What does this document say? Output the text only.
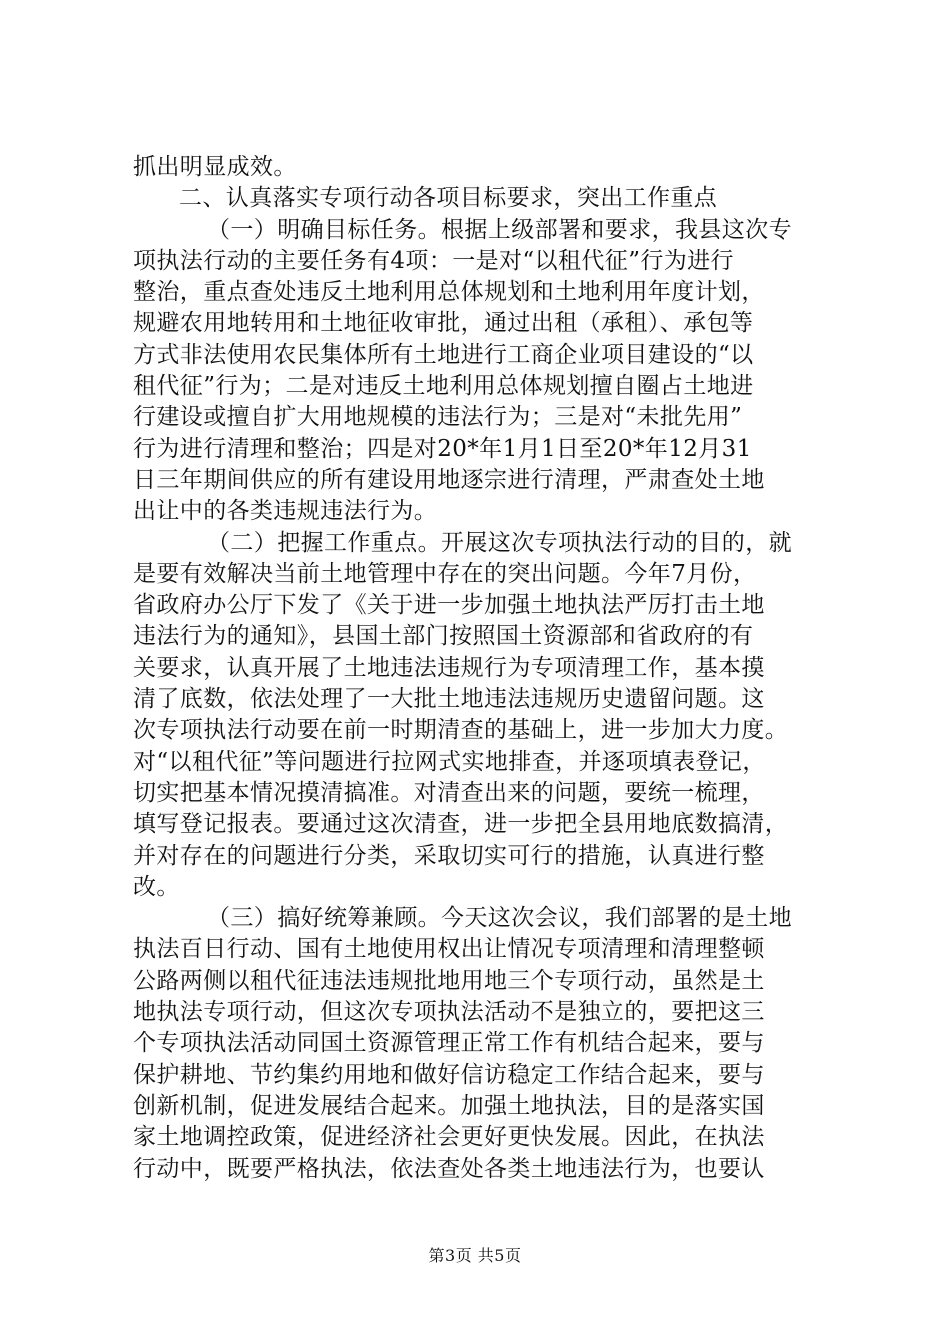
抓出明显成效。
二、认真落实专项行动各项目标要求，突出工作重点
（一）明确目标任务。根据上级部署和要求，我县这次专
项执法行动的主要任务有4项：一是对“以租代征”行为进行
整治，重点查处违反土地利用总体规划和土地利用年度计划，
规避农用地转用和土地征收审批，通过出租（承租）、承包等
方式非法使用农民集体所有土地进行工商企业项目建设的“以
租代征”行为；二是对违反土地利用总体规划擅自圈占土地进
行建设或擅自扩大用地规模的违法行为；三是对“未批先用”
行为进行清理和整治；四是对20*年1月1日至20*年12月31
日三年期间供应的所有建设用地逐宗进行清理，严肃查处土地
出让中的各类违规违法行为。
（二）把握工作重点。开展这次专项执法行动的目的，就
是要有效解决当前土地管理中存在的突出问题。今年7月份，
省政府办公厅下发了《关于进一步加强土地执法严厉打击土地
违法行为的通知》，县国土部门按照国土资源部和省政府的有
关要求，认真开展了土地违法违规行为专项清理工作，基本摸
清了底数，依法处理了一大批土地违法违规历史遗留问题。这
次专项执法行动要在前一时期清查的基础上，进一步加大力度。
对“以租代征”等问题进行拉网式实地排查，并逐项填表登记，
切实把基本情况摸清搞准。对清查出来的问题，要统一梳理，
填写登记报表。要通过这次清查，进一步把全县用地底数搞清，
并对存在的问题进行分类，采取切实可行的措施，认真进行整
改。
（三）搞好统筹兼顾。今天这次会议，我们部署的是土地
执法百日行动、国有土地使用权出让情况专项清理和清理整顿
公路两侧以租代征违法违规批地用地三个专项行动，虽然是土
地执法专项行动，但这次专项执法活动不是独立的，要把这三
个专项执法活动同国土资源管理正常工作有机结合起来，要与
保护耕地、节约集约用地和做好信访稳定工作结合起来，要与
创新机制，促进发展结合起来。加强土地执法，目的是落实国
家土地调控政策，促进经济社会更好更快发展。因此，在执法
行动中，既要严格执法，依法查处各类土地违法行为，也要认
第3页 共5页
